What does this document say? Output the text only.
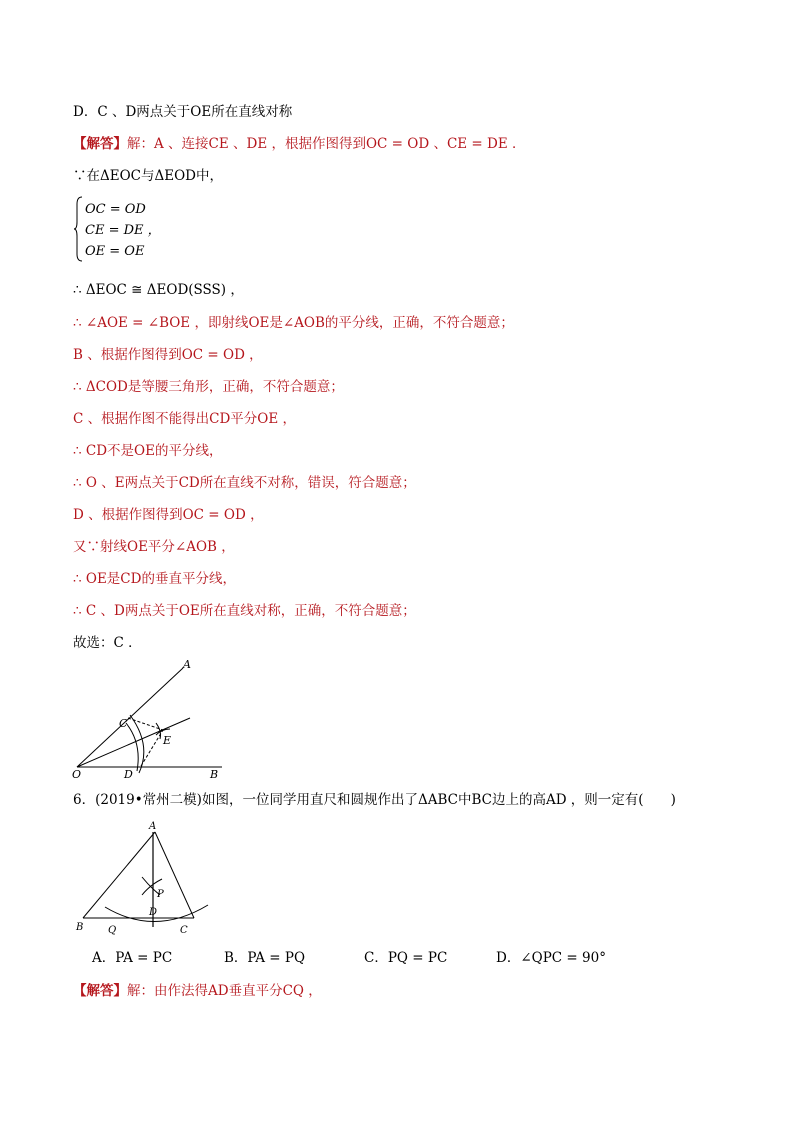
D．C 、D两点关于OE所在直线对称
【解答】解：A 、连接CE 、DE ，根据作图得到OC = OD 、CE = DE ．
∵在ΔEOC与ΔEOD中，
OC = OD
CE = DE ，
OE = OE
∴ ΔEOC ≅ ΔEOD(SSS) ，
∴ ∠AOE = ∠BOE ，即射线OE是∠AOB的平分线，正确，不符合题意；
B 、根据作图得到OC = OD ，
∴ ΔCOD是等腰三角形，正确，不符合题意；
C 、根据作图不能得出CD平分OE ，
∴ CD不是OE的平分线，
∴ O 、E两点关于CD所在直线不对称，错误，符合题意；
D 、根据作图得到OC = OD ，
又∵射线OE平分∠AOB ，
∴ OE是CD的垂直平分线，
∴ C 、D两点关于OE所在直线对称，正确，不符合题意；
故选：C ．
A
C
E
O	D	B
6．(2019•常州二模)如图，一位同学用直尺和圆规作出了ΔABC中BC边上的高AD ，则一定有(　　)
A
P
D
B Q	C
A．PA = PC	B．PA = PQ	C．PQ = PC	D．∠QPC = 90°
【解答】解：由作法得AD垂直平分CQ ，
